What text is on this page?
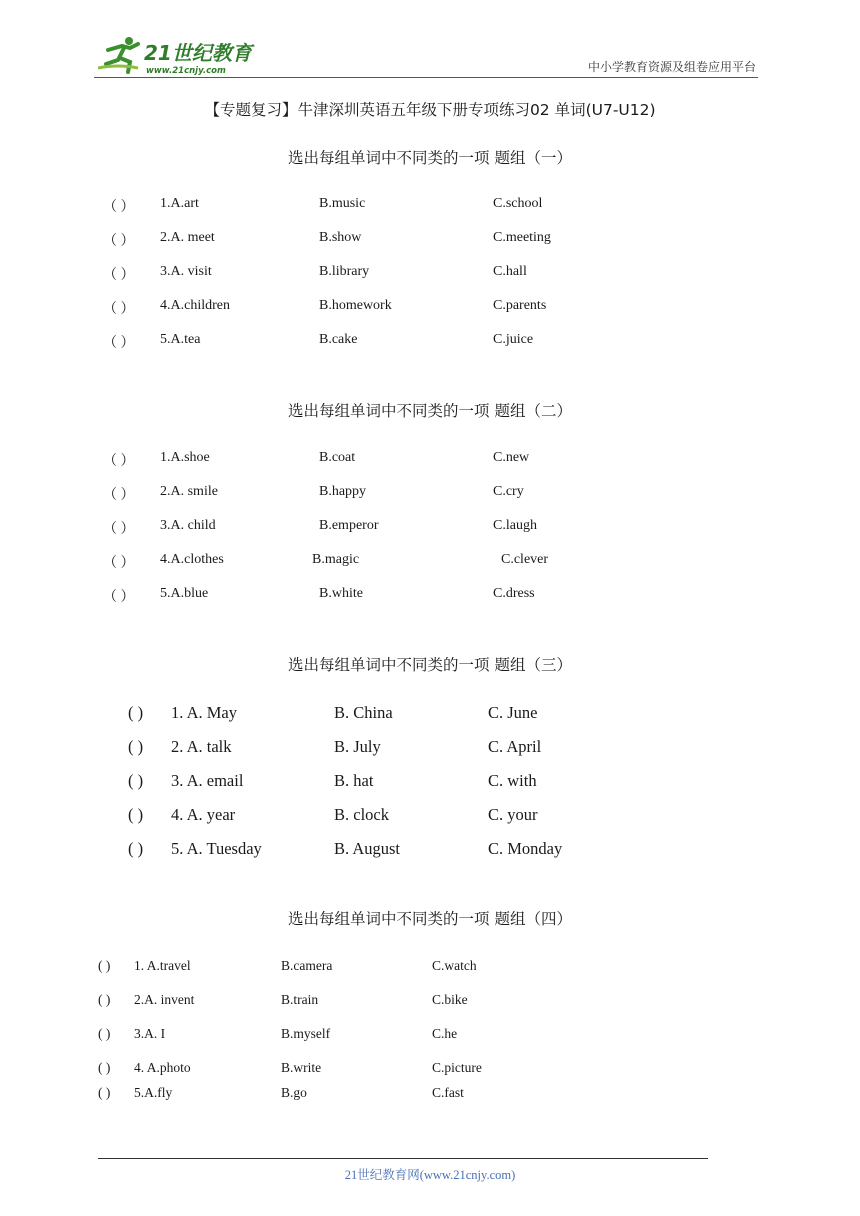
21世纪教育
www.21cnjy.com	中小学教育资源及组卷应用平台
【专题复习】牛津深圳英语五年级下册专项练习02 单词(U7-U12)
选出每组单词中不同类的一项 题组（一）
（ ） 1.A.art	B.music	C.school
（ ） 2.A. meet	B.show	C.meeting
（ ） 3.A. visit	B.library	C.hall
（ ） 4.A.children	B.homework	C.parents
（ ） 5.A.tea	B.cake	C.juice
选出每组单词中不同类的一项 题组（二）
（ ） 1.A.shoe	B.coat	C.new
（ ） 2.A. smile	B.happy	C.cry
（ ） 3.A. child	B.emperor	C.laugh
（ ） 4.A.clothes	B.magic	C.clever
（ ） 5.A.blue	B.white	C.dress
选出每组单词中不同类的一项 题组（三）
( ) 1. A. May	B. China	C. June
( ) 2. A. talk	B. July	C. April
( ) 3. A. email	B. hat	C. with
( ) 4. A. year	B. clock	C. your
( ) 5. A. Tuesday	B. August	C. Monday
选出每组单词中不同类的一项 题组（四）
( ) 1. A.travel	B.camera	C.watch
( ) 2.A. invent	B.train	C.bike
( ) 3.A. I	B.myself	C.he
( ) 4. A.photo	B.write	C.picture
( ) 5.A.fly	B.go	C.fast
21世纪教育网(www.21cnjy.com)
